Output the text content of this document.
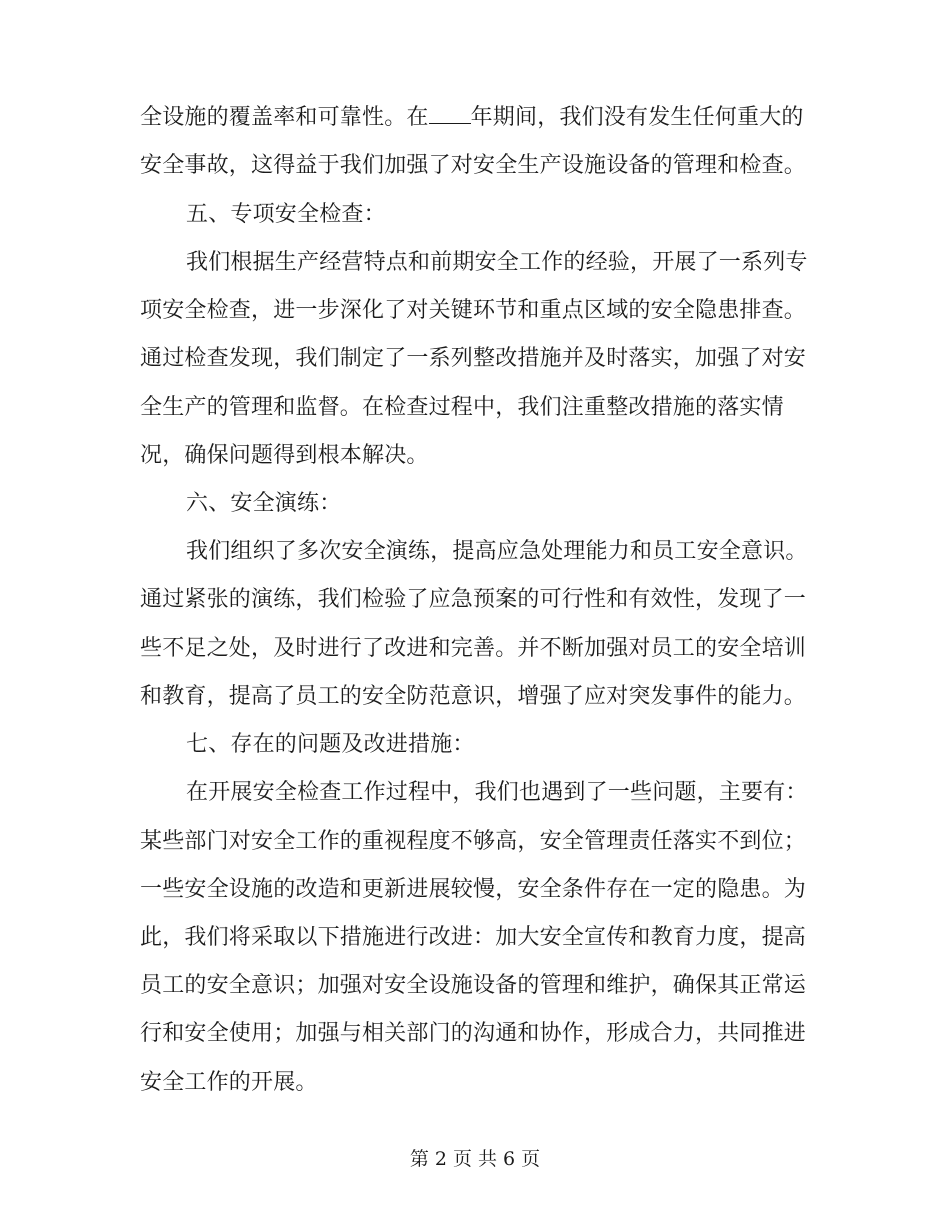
全设施的覆盖率和可靠性。在 年期间，我们没有发生任何重大的
安全事故，这得益于我们加强了对安全生产设施设备的管理和检查。
五、专项安全检查：
我们根据生产经营特点和前期安全工作的经验，开展了一系列专
项安全检查，进一步深化了对关键环节和重点区域的安全隐患排查。
通过检查发现，我们制定了一系列整改措施并及时落实，加强了对安
全生产的管理和监督。在检查过程中，我们注重整改措施的落实情
况，确保问题得到根本解决。
六、安全演练：
我们组织了多次安全演练，提高应急处理能力和员工安全意识。
通过紧张的演练，我们检验了应急预案的可行性和有效性，发现了一
些不足之处，及时进行了改进和完善。并不断加强对员工的安全培训
和教育，提高了员工的安全防范意识，增强了应对突发事件的能力。
七、存在的问题及改进措施：
在开展安全检查工作过程中，我们也遇到了一些问题，主要有：
某些部门对安全工作的重视程度不够高，安全管理责任落实不到位；
一些安全设施的改造和更新进展较慢，安全条件存在一定的隐患。为
此，我们将采取以下措施进行改进：加大安全宣传和教育力度，提高
员工的安全意识；加强对安全设施设备的管理和维护，确保其正常运
行和安全使用；加强与相关部门的沟通和协作，形成合力，共同推进
安全工作的开展。
第 2 页 共 6 页
